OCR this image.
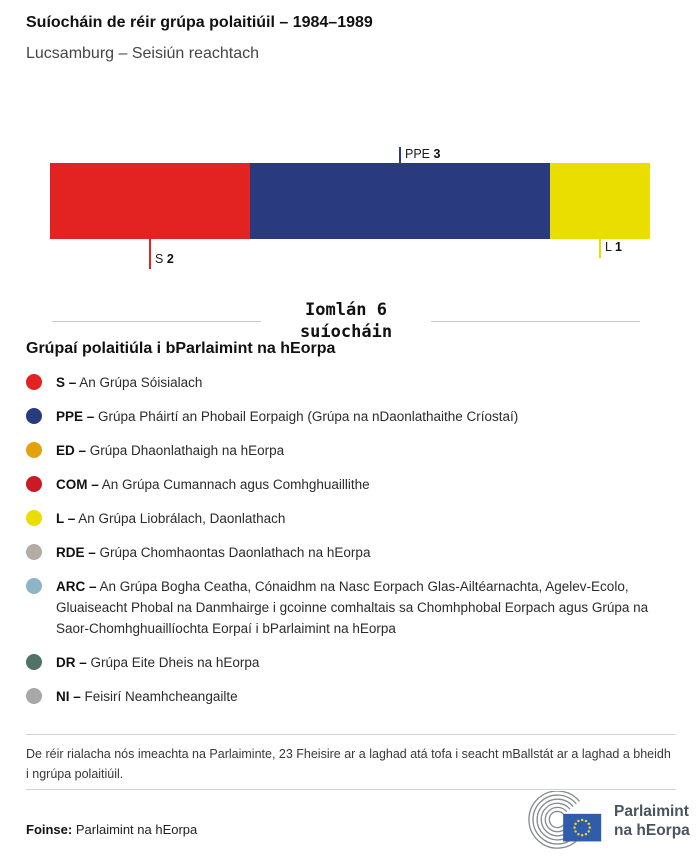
Suíocháin de réir grúpa polaitiúil – 1984–1989
Lucsamburg – Seisiún reachtach
S 2
PPE 3
L 1
Iomlán 6
suíocháin
Grúpaí polaitiúla i bParlaimint na hEorpa
S – An Grúpa Sóisialach
PPE – Grúpa Pháirtí an Phobail Eorpaigh (Grúpa na nDaonlathaithe Críostaí)
ED – Grúpa Dhaonlathaigh na hEorpa
COM – An Grúpa Cumannach agus Comhghuaillithe
L – An Grúpa Liobrálach, Daonlathach
RDE – Grúpa Chomhaontas Daonlathach na hEorpa
ARC – An Grúpa Bogha Ceatha, Cónaidhm na Nasc Eorpach Glas-Ailtéarnachta, Agelev-Ecolo, Gluaiseacht Phobal na Danmhairge i gcoinne comhaltais sa Chomhphobal Eorpach agus Grúpa na Saor-Chomhghuaillíochta Eorpaí i bParlaimint na hEorpa
DR – Grúpa Eite Dheis na hEorpa
NI – Feisirí Neamhcheangailte

De réir rialacha nós imeachta na Parlaiminte, 23 Fheisire ar a laghad atá tofa i seacht mBallstát ar a laghad a bheidh i ngrúpa polaitiúil.

Foinse: Parlaimint na hEorpa

Parlaimint
na hEorpa
